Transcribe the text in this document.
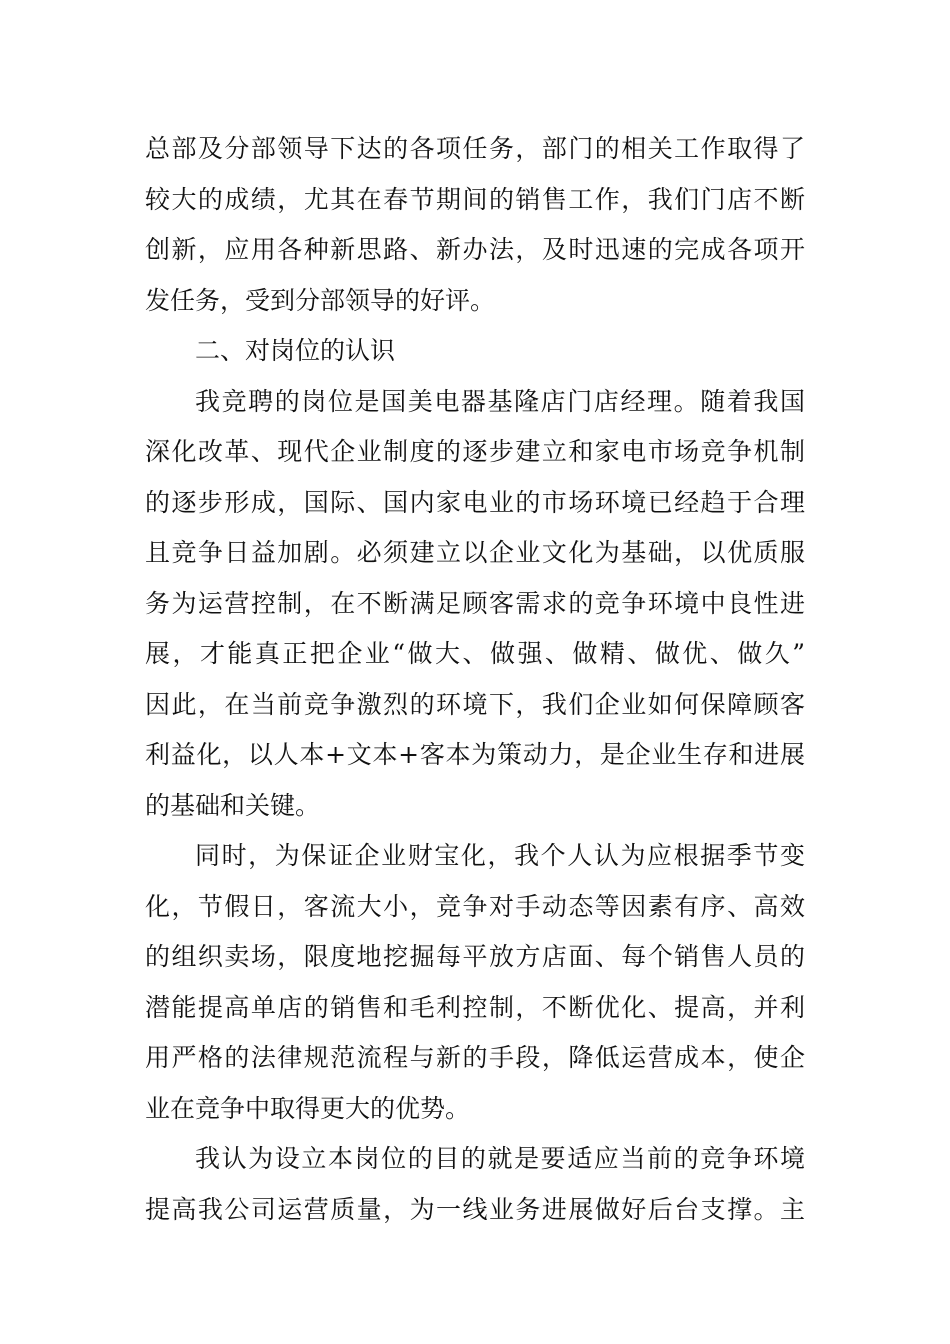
总部及分部领导下达的各项任务，部门的相关工作取得了
较大的成绩，尤其在春节期间的销售工作，我们门店不断
创新，应用各种新思路、新办法，及时迅速的完成各项开
发任务，受到分部领导的好评。
二、对岗位的认识
我竞聘的岗位是国美电器基隆店门店经理。随着我国
深化改革、现代企业制度的逐步建立和家电市场竞争机制
的逐步形成，国际、国内家电业的市场环境已经趋于合理
且竞争日益加剧。必须建立以企业文化为基础，以优质服
务为运营控制，在不断满足顾客需求的竞争环境中良性进
展，才能真正把企业“做大、做强、做精、做优、做久”
因此，在当前竞争激烈的环境下，我们企业如何保障顾客
利益化，以人本+文本+客本为策动力，是企业生存和进展
的基础和关键。
同时，为保证企业财宝化，我个人认为应根据季节变
化，节假日，客流大小，竞争对手动态等因素有序、高效
的组织卖场，限度地挖掘每平放方店面、每个销售人员的
潜能提高单店的销售和毛利控制，不断优化、提高，并利
用严格的法律规范流程与新的手段，降低运营成本，使企
业在竞争中取得更大的优势。
我认为设立本岗位的目的就是要适应当前的竞争环境
提高我公司运营质量，为一线业务进展做好后台支撑。主
